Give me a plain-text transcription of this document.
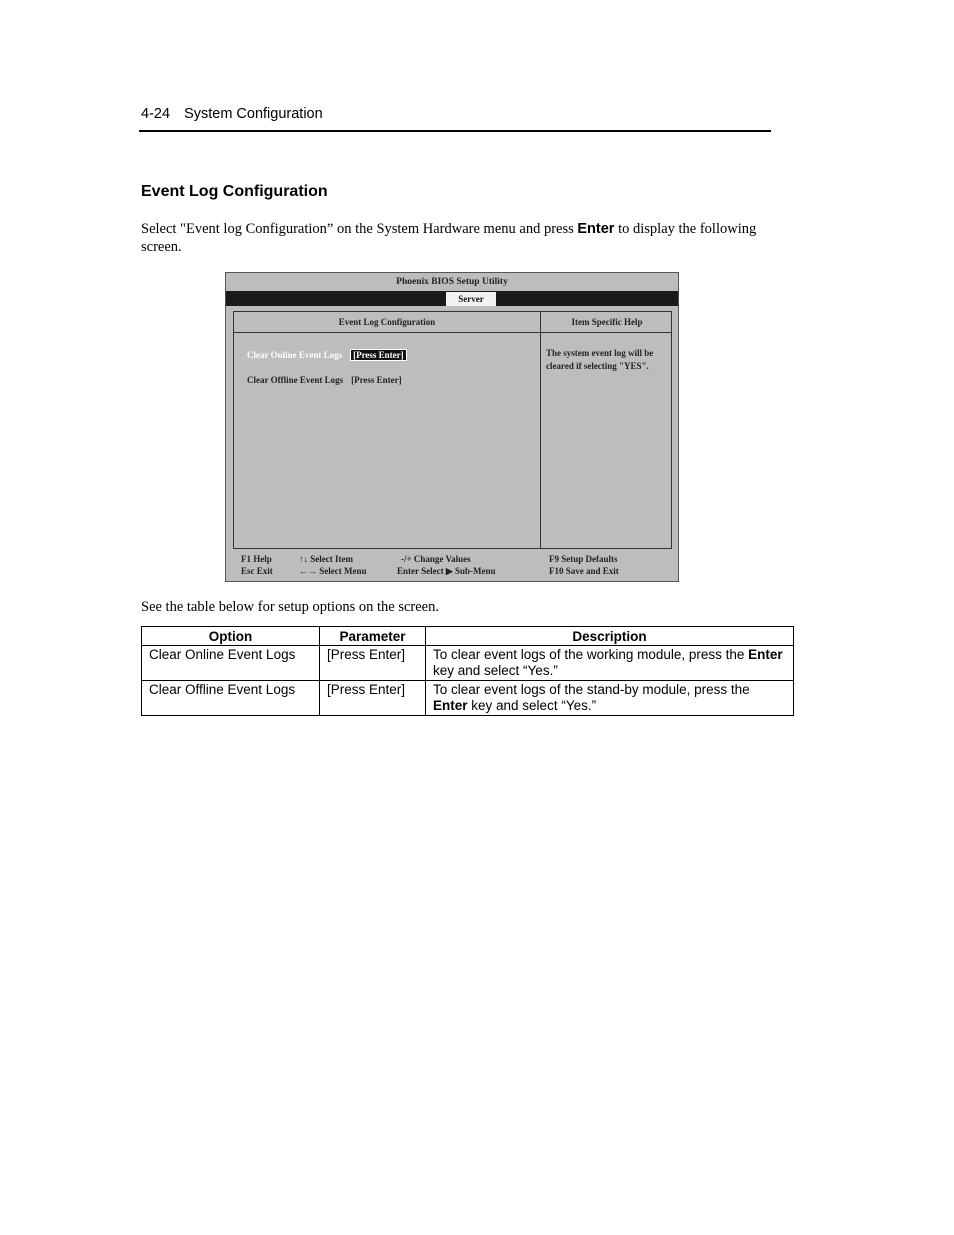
4-24 System Configuration
Event Log Configuration
Select "Event log Configuration” on the System Hardware menu and press Enter to display the following screen.
Phoenix BIOS Setup Utility
Server
Event Log Configuration	Item Specific Help
Clear Online Event Logs [Press Enter]
Clear Offline Event Logs [Press Enter]
The system event log will be cleared if selecting "YES".
F1 Help
Esc Exit
↑↓ Select Item
←→ Select Menu
-/+ Change Values
Enter Select ▶ Sub-Menu
F9 Setup Defaults
F10 Save and Exit
See the table below for setup options on the screen.
Option	Parameter	Description
Clear Online Event Logs	[Press Enter]	To clear event logs of the working module, press the Enter key and select “Yes.”
Clear Offline Event Logs	[Press Enter]	To clear event logs of the stand-by module, press the Enter key and select “Yes.”
